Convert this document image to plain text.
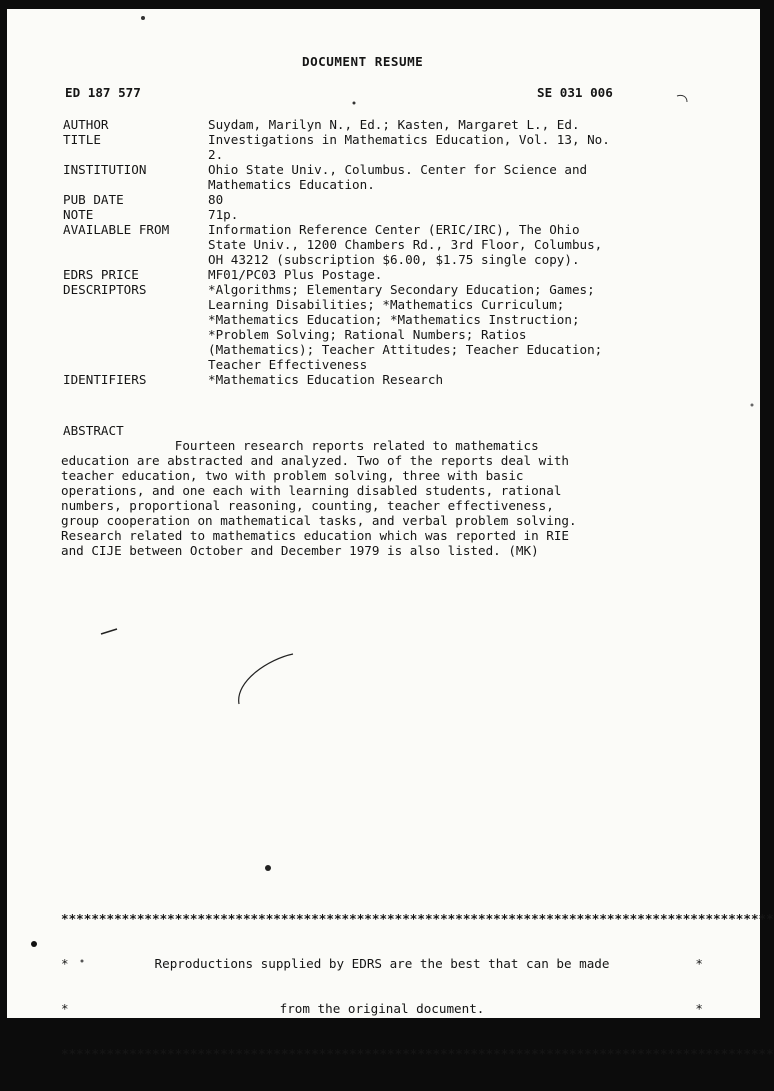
DOCUMENT RESUME
ED 187 577	SE 031 006
AUTHOR	Suydam, Marilyn N., Ed.; Kasten, Margaret L., Ed.
TITLE	Investigations in Mathematics Education, Vol. 13, No.
2.
INSTITUTION	Ohio State Univ., Columbus. Center for Science and
Mathematics Education.
PUB DATE	80
NOTE	71p.
AVAILABLE FROM	Information Reference Center (ERIC/IRC), The Ohio
State Univ., 1200 Chambers Rd., 3rd Floor, Columbus,
OH 43212 (subscription $6.00, $1.75 single copy).
EDRS PRICE	MF01/PC03 Plus Postage.
DESCRIPTORS	*Algorithms; Elementary Secondary Education; Games;
Learning Disabilities; *Mathematics Curriculum;
*Mathematics Education; *Mathematics Instruction;
*Problem Solving; Rational Numbers; Ratios
(Mathematics); Teacher Attitudes; Teacher Education;
Teacher Effectiveness
IDENTIFIERS	*Mathematics Education Research
ABSTRACT
Fourteen research reports related to mathematics
education are abstracted and analyzed. Two of the reports deal with
teacher education, two with problem solving, three with basic
operations, and one each with learning disabled students, rational
numbers, proportional reasoning, counting, teacher effectiveness,
group cooperation on mathematical tasks, and verbal problem solving.
Research related to mathematics education which was reported in RIE
and CIJE between October and December 1979 is also listed. (MK)

**********************************************************************************************

*	Reproductions supplied by EDRS are the best that can be made	*

*	from the original document.	*

**********************************************************************************************
